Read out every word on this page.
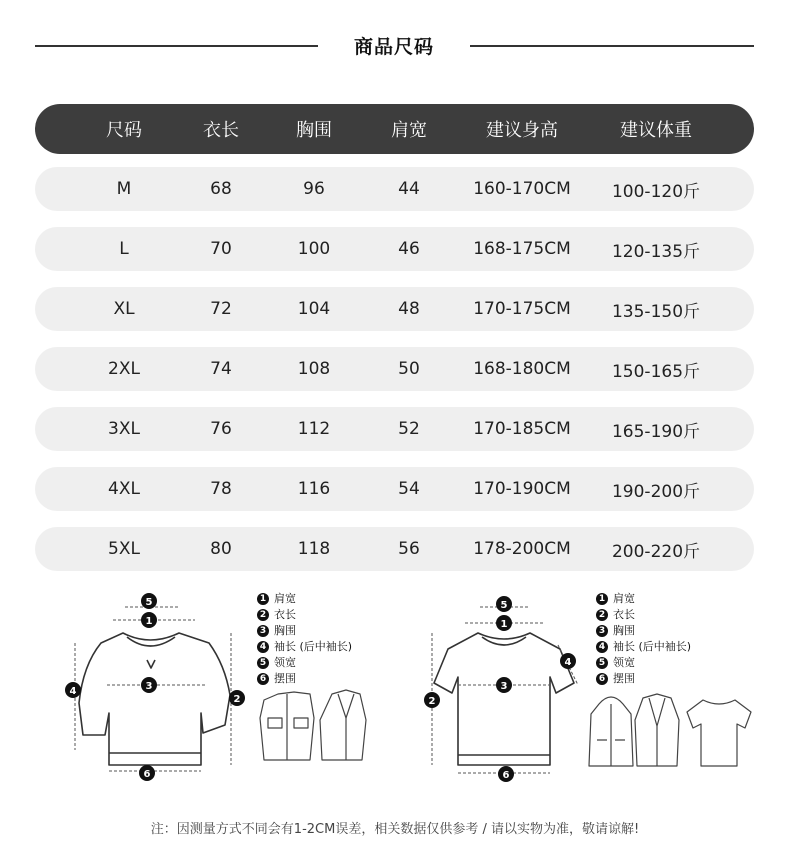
商品尺码
尺码	衣长	胸围	肩宽	建议身高	建议体重
M	68	96	44	160-170CM 100-120斤
L	70	100	46	168-175CM 120-135斤
XL	72	104	48	170-175CM 135-150斤
2XL	74	108	50	168-180CM 150-165斤
3XL	76	112	52	170-185CM 165-190斤
4XL	78	116	54	170-190CM 190-200斤
5XL	80	118	56	178-200CM 200-220斤
5
1
3
2
4
6
1 肩宽
2 衣长
3 胸围
4 袖长 (后中袖长)
5 领宽
6 摆围
5
1
3
2
4
6
1 肩宽
2 衣长
3 胸围
4 袖长 (后中袖长)
5 领宽
6 摆围
注：因测量方式不同会有1-2CM误差，相关数据仅供参考 / 请以实物为准，敬请谅解!
